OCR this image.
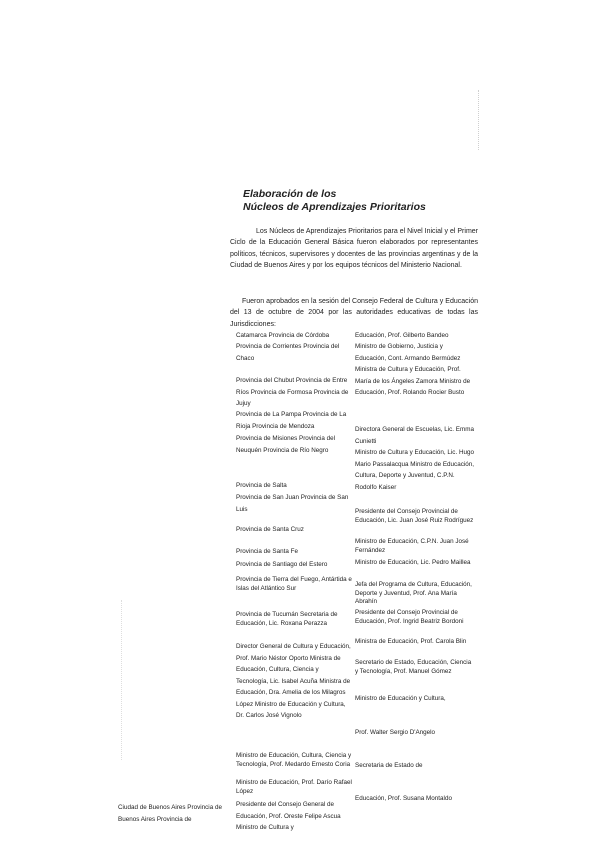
Elaboración de los
Núcleos de Aprendizajes Prioritarios

Los Núcleos de Aprendizajes Prioritarios para el Nivel Inicial y el Primer Ciclo de la Educación General Básica fueron elaborados por representantes políticos, técnicos, supervisores y docentes de las provincias argentinas y de la Ciudad de Buenos Aires y por los equipos técnicos del Ministerio Nacional.

Fueron aprobados en la sesión del Consejo Federal de Cultura y Educación del 13 de octubre de 2004 por las autoridades educativas de todas las Jurisdicciones:

Catamarca Provincia de Córdoba

Provincia de Corrientes Provincia del Chaco

Provincia del Chubut Provincia de Entre Ríos Provincia de Formosa Provincia de Jujuy

Provincia de La Pampa Provincia de La Rioja Provincia de Mendoza

Provincia de Misiones Provincia del Neuquén Provincia de Río Negro

Provincia de Salta

Provincia de San Juan Provincia de San Luis

Provincia de Santa Cruz

Provincia de Santa Fe

Provincia de Santiago del Estero

Provincia de Tierra del Fuego, Antártida e Islas del Atlántico Sur

Provincia de Tucumán Secretaria de Educación, Lic. Roxana Perazza

Director General de Cultura y Educación, Prof. Mario Néstor Oporto Ministra de Educación, Cultura, Ciencia y Tecnología, Lic. Isabel Acuña Ministra de Educación, Dra. Amelia de los Milagros López Ministro de Educación y Cultura, Dr. Carlos José Vignolo

Ministro de Educación, Cultura, Ciencia y Tecnología, Prof. Medardo Ernesto Coria

Ministro de Educación, Prof. Darío Rafael López

Presidente del Consejo General de Educación, Prof. Oreste Felipe Ascua Ministro de Cultura y

Educación, Prof. Gilberto Bandeo

Ministro de Gobierno, Justicia y Educación, Cont. Armando Bermúdez Ministra de Cultura y Educación, Prof. María de los Ángeles Zamora Ministro de Educación, Prof. Rolando Rocier Busto

Directora General de Escuelas, Lic. Emma Cunietti

Ministro de Cultura y Educación, Lic. Hugo Mario Passalacqua Ministro de Educación, Cultura, Deporte y Juventud, C.P.N. Rodolfo Kaiser

Presidente del Consejo Provincial de Educación, Lic. Juan José Ruiz Rodríguez

Ministro de Educación, C.P.N. Juan José Fernández

Ministro de Educación, Lic. Pedro Maillea

Jefa del Programa de Cultura, Educación, Deporte y Juventud, Prof. Ana María Abrahín

Presidente del Consejo Provincial de Educación, Prof. Ingrid Beatriz Bordoni

Ministra de Educación, Prof. Carola Blin

Secretario de Estado, Educación, Ciencia y Tecnología, Prof. Manuel Gómez

Ministro de Educación y Cultura,

Prof. Walter Sergio D'Angelo

Secretaria de Estado de

Educación, Prof. Susana Montaldo

Ciudad de Buenos Aires Provincia de Buenos Aires Provincia de
